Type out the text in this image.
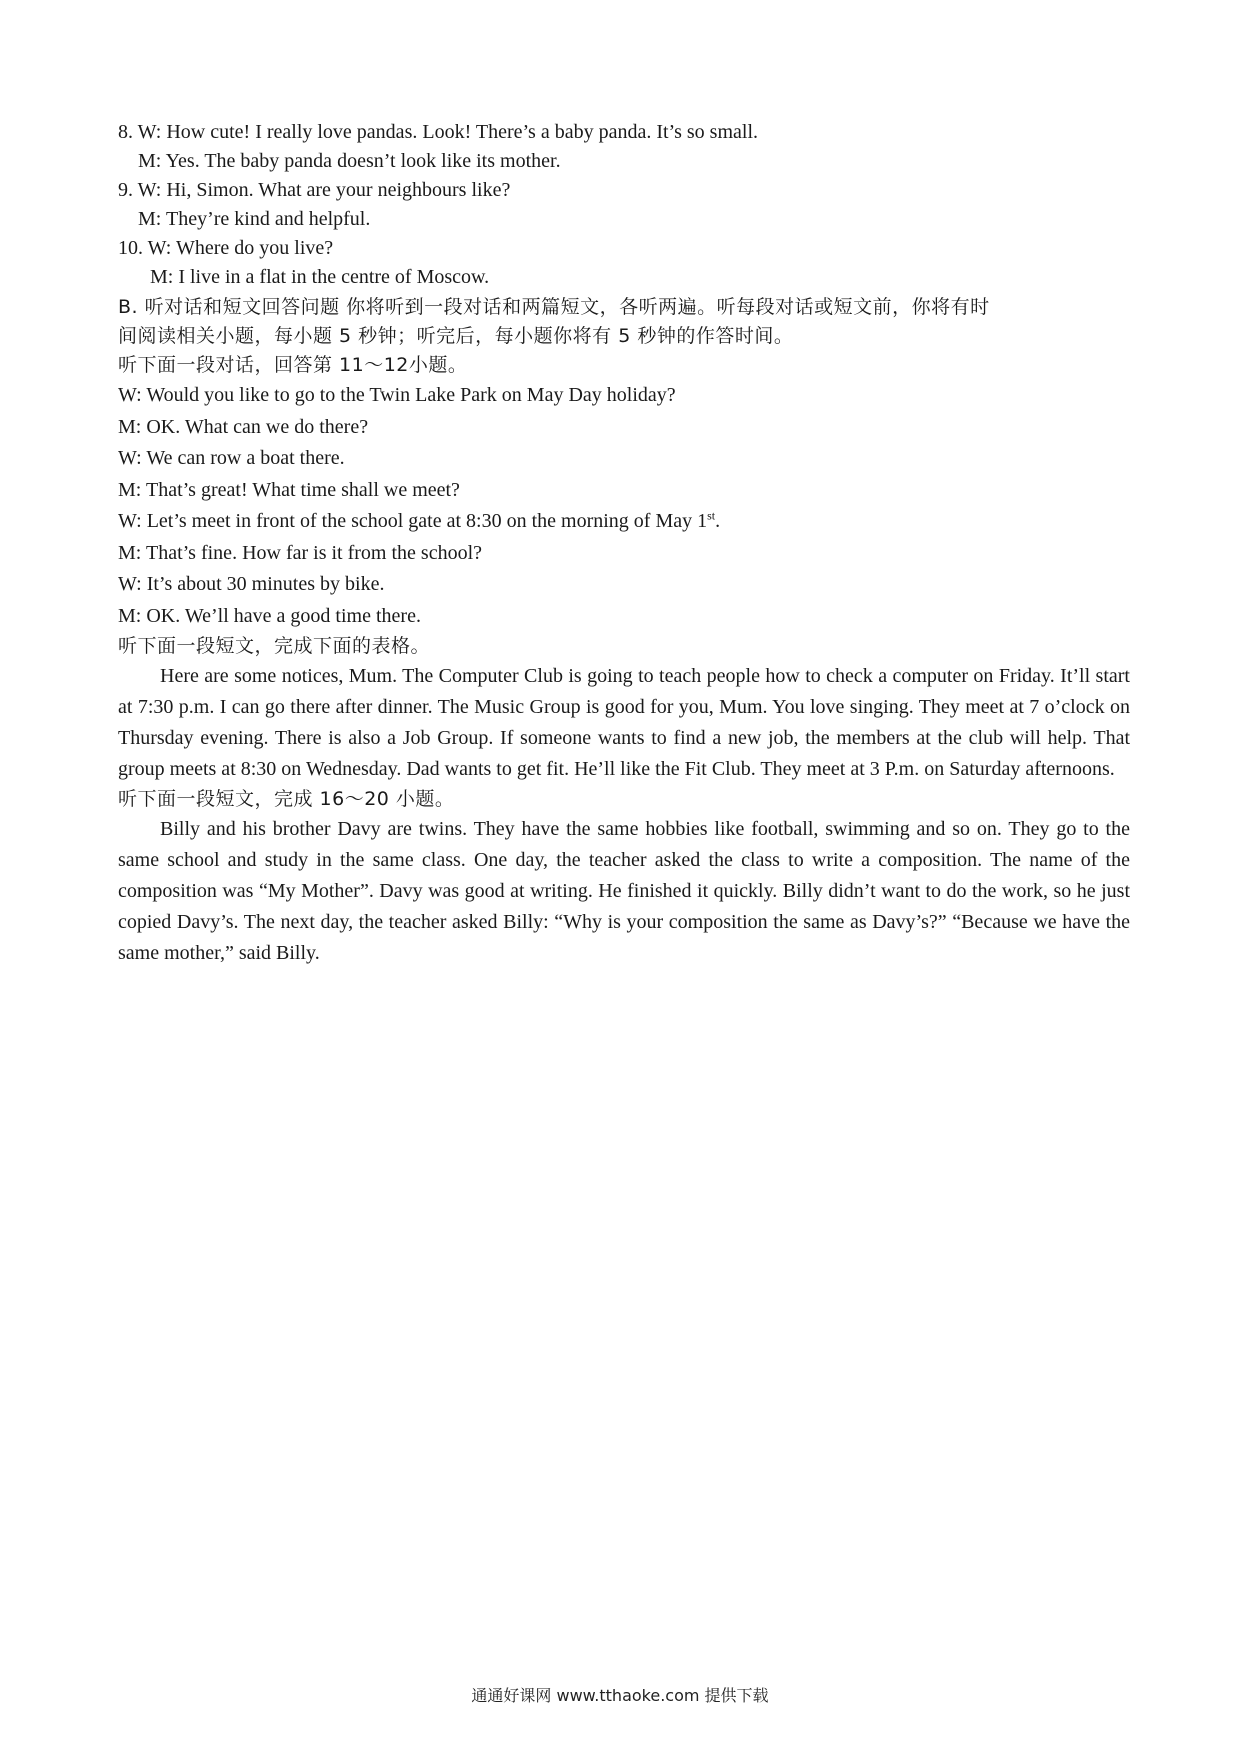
8. W: How cute! I really love pandas. Look! There’s a baby panda. It’s so small.
M: Yes. The baby panda doesn’t look like its mother.
9. W: Hi, Simon. What are your neighbours like?
M: They’re kind and helpful.
10. W: Where do you live?
M: I live in a flat in the centre of Moscow.
B. 听对话和短文回答问题 你将听到一段对话和两篇短文，各听两遍。听每段对话或短文前，你将有时
间阅读相关小题，每小题 5 秒钟；听完后，每小题你将有 5 秒钟的作答时间。
听下面一段对话，回答第 11～12小题。
W: Would you like to go to the Twin Lake Park on May Day holiday?
M: OK. What can we do there?
W: We can row a boat there.
M: That’s great! What time shall we meet?
W: Let’s meet in front of the school gate at 8:30 on the morning of May 1st.
M: That’s fine. How far is it from the school?
W: It’s about 30 minutes by bike.
M: OK. We’ll have a good time there.
听下面一段短文，完成下面的表格。

Here are some notices, Mum. The Computer Club is going to teach people how to check a computer on Friday. It’ll start at 7:30 p.m. I can go there after dinner. The Music Group is good for you, Mum. You love singing. They meet at 7 o’clock on Thursday evening. There is also a Job Group. If someone wants to find a new job, the members at the club will help. That group meets at 8:30 on Wednesday. Dad wants to get fit. He’ll like the Fit Club. They meet at 3 P.m. on Saturday afternoons.

听下面一段短文，完成 16～20 小题。

Billy and his brother Davy are twins. They have the same hobbies like football, swimming and so on. They go to the same school and study in the same class. One day, the teacher asked the class to write a composition. The name of the composition was “My Mother”. Davy was good at writing. He finished it quickly. Billy didn’t want to do the work, so he just copied Davy’s. The next day, the teacher asked Billy: “Why is your composition the same as Davy’s?” “Because we have the same mother,” said Billy.

通通好课网 www.tthaoke.com 提供下载
